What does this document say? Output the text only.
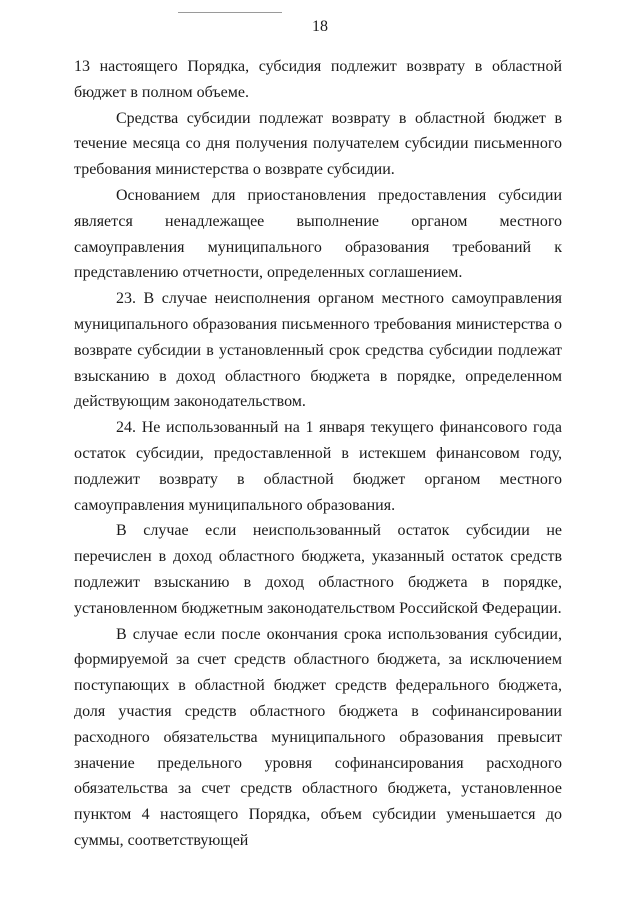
18

13 настоящего Порядка, субсидия подлежит возврату в областной бюджет в полном объеме.

Средства субсидии подлежат возврату в областной бюджет в течение месяца со дня получения получателем субсидии письменного требования министерства о возврате субсидии.

Основанием для приостановления предоставления субсидии является ненадлежащее выполнение органом местного самоуправления муниципального образования требований к представлению отчетности, определенных соглашением.

23. В случае неисполнения органом местного самоуправления муниципального образования письменного требования министерства о возврате субсидии в установленный срок средства субсидии подлежат взысканию в доход областного бюджета в порядке, определенном действующим законодательством.

24. Не использованный на 1 января текущего финансового года остаток субсидии, предоставленной в истекшем финансовом году, подлежит возврату в областной бюджет органом местного самоуправления муниципального образования.

В случае если неиспользованный остаток субсидии не перечислен в доход областного бюджета, указанный остаток средств подлежит взысканию в доход областного бюджета в порядке, установленном бюджетным законодательством Российской Федерации.

В случае если после окончания срока использования субсидии, формируемой за счет средств областного бюджета, за исключением поступающих в областной бюджет средств федерального бюджета, доля участия средств областного бюджета в софинансировании расходного обязательства муниципального образования превысит значение предельного уровня софинансирования расходного обязательства за счет средств областного бюджета, установленное пунктом 4 настоящего Порядка, объем субсидии уменьшается до суммы, соответствующей
